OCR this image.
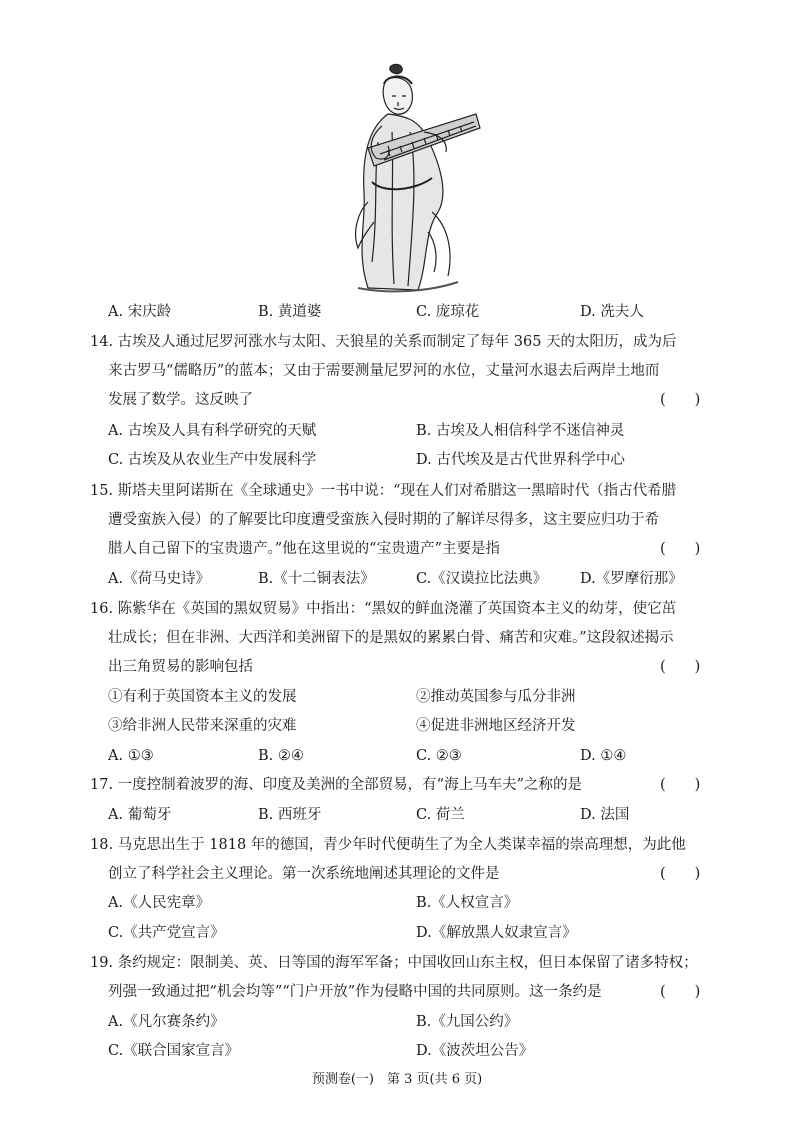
A. 宋庆龄	B. 黄道婆	C. 庞琼花	D. 冼夫人
14. 古埃及人通过尼罗河涨水与太阳、天狼星的关系而制定了每年 365 天的太阳历，成为后
来古罗马“儒略历”的蓝本；又由于需要测量尼罗河的水位，丈量河水退去后两岸土地而
发展了数学。这反映了	(　　)
A. 古埃及人具有科学研究的天赋	B. 古埃及人相信科学不迷信神灵
C. 古埃及从农业生产中发展科学	D. 古代埃及是古代世界科学中心
15. 斯塔夫里阿诺斯在《全球通史》一书中说：“现在人们对希腊这一黑暗时代（指古代希腊
遭受蛮族入侵）的了解要比印度遭受蛮族入侵时期的了解详尽得多，这主要应归功于希
腊人自己留下的宝贵遗产。”他在这里说的“宝贵遗产”主要是指	(　　)
A.《荷马史诗》	B.《十二铜表法》	C.《汉谟拉比法典》 D.《罗摩衍那》
16. 陈紫华在《英国的黑奴贸易》中指出：“黑奴的鲜血浇灌了英国资本主义的幼芽，使它茁
壮成长；但在非洲、大西洋和美洲留下的是黑奴的累累白骨、痛苦和灾难。”这段叙述揭示
出三角贸易的影响包括	(　　)
①有利于英国资本主义的发展	②推动英国参与瓜分非洲
③给非洲人民带来深重的灾难	④促进非洲地区经济开发
A. ①③	B. ②④	C. ②③	D. ①④
17. 一度控制着波罗的海、印度及美洲的全部贸易，有“海上马车夫”之称的是	(　　)
A. 葡萄牙	B. 西班牙	C. 荷兰	D. 法国
18. 马克思出生于 1818 年的德国，青少年时代便萌生了为全人类谋幸福的崇高理想，为此他
创立了科学社会主义理论。第一次系统地阐述其理论的文件是	(　　)
A.《人民宪章》	B.《人权宣言》
C.《共产党宣言》	D.《解放黑人奴隶宣言》
19. 条约规定：限制美、英、日等国的海军军备；中国收回山东主权，但日本保留了诸多特权；
列强一致通过把“机会均等”“门户开放”作为侵略中国的共同原则。这一条约是	(　　)
A.《凡尔赛条约》	B.《九国公约》
C.《联合国家宣言》	D.《波茨坦公告》
预测卷(一)　第 3 页(共 6 页)
